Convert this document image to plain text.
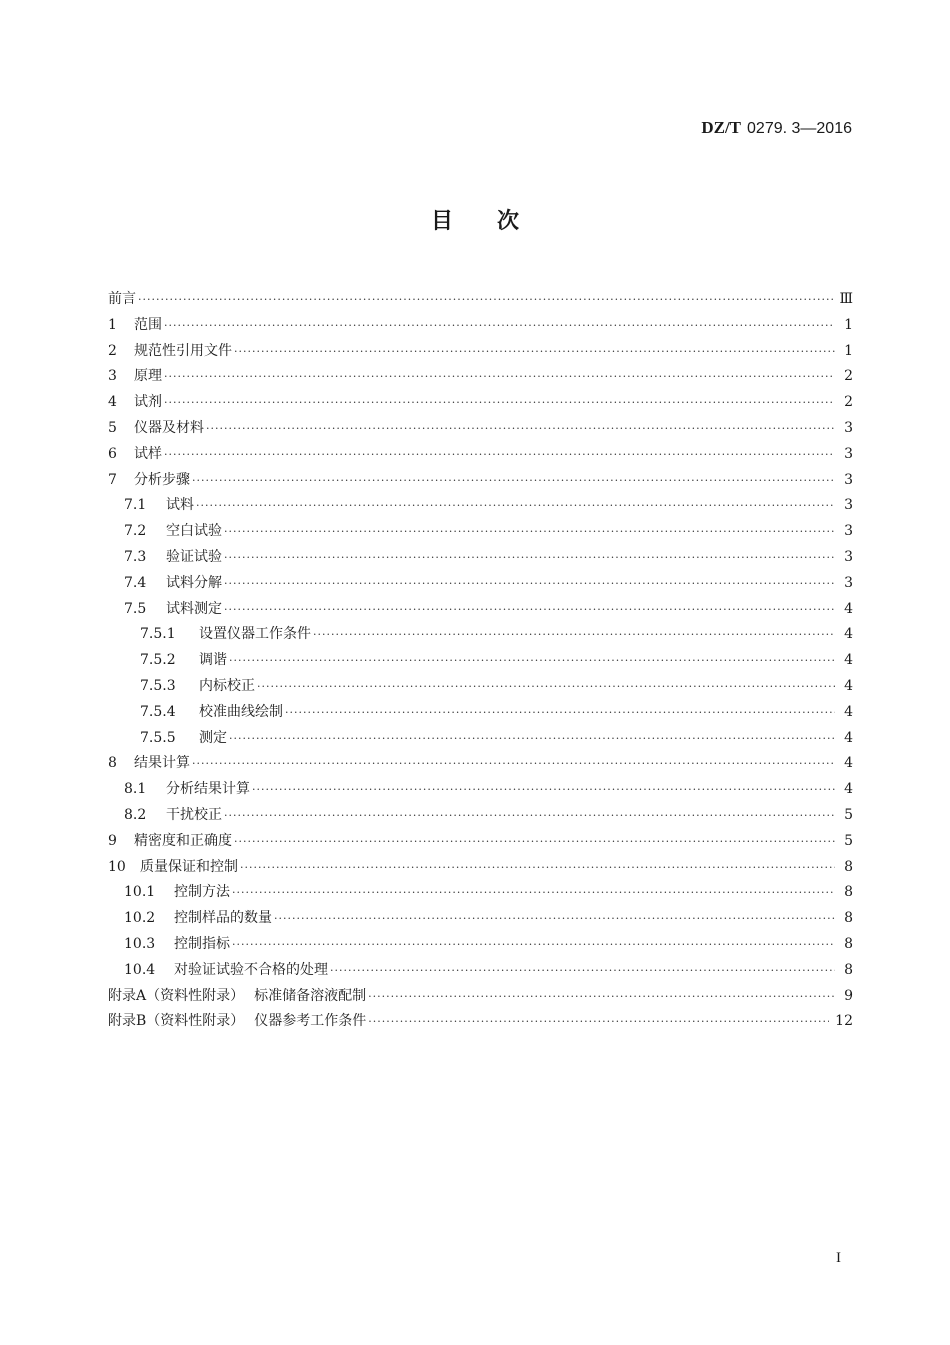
DZ/T 0279. 3—2016
目次
前言 ·····	Ⅲ
1	范围 ·····	1
2	规范性引用文件 ·····	1
3	原理 ·····	2
4	试剂 ·····	2
5	仪器及材料 ·····	3
6	试样 ·····	3
7	分析步骤 ·····	3
7.1	试料 ·····	3
7.2	空白试验 ·····	3
7.3	验证试验 ·····	3
7.4	试料分解 ·····	3
7.5	试料测定 ·····	4
7.5.1	设置仪器工作条件 ·····	4
7.5.2	调谐 ·····	4
7.5.3	内标校正 ·····	4
7.5.4	校准曲线绘制 ·····	4
7.5.5	测定 ·····	4
8	结果计算 ·····	4
8.1	分析结果计算 ·····	4
8.2	干扰校正 ·····	5
9	精密度和正确度 ·····	5
10	质量保证和控制 ·····	8
10.1	控制方法 ·····	8
10.2	控制样品的数量 ·····	8
10.3	控制指标 ·····	8
10.4	对验证试验不合格的处理 ·····	8
附录A（资料性附录） 标准储备溶液配制 ·····	9
附录B（资料性附录） 仪器参考工作条件 ·····	12
I
